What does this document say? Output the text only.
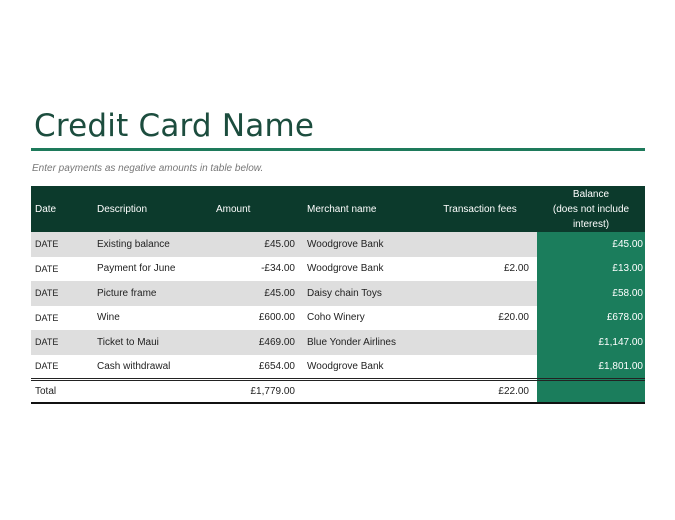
Credit Card Name
Enter payments as negative amounts in table below.
Date	Description	Amount	Merchant name	Transaction fees	Balance
(does not include
interest)

DATE	Existing balance	£45.00	Woodgrove Bank		£45.00
DATE	Payment for June	-£34.00	Woodgrove Bank	£2.00	£13.00
DATE	Picture frame	£45.00	Daisy chain Toys		£58.00
DATE	Wine	£600.00	Coho Winery	£20.00	£678.00
DATE	Ticket to Maui	£469.00	Blue Yonder Airlines		£1,147.00
DATE	Cash withdrawal	£654.00	Woodgrove Bank		£1,801.00
Total		£1,779.00		£22.00	
